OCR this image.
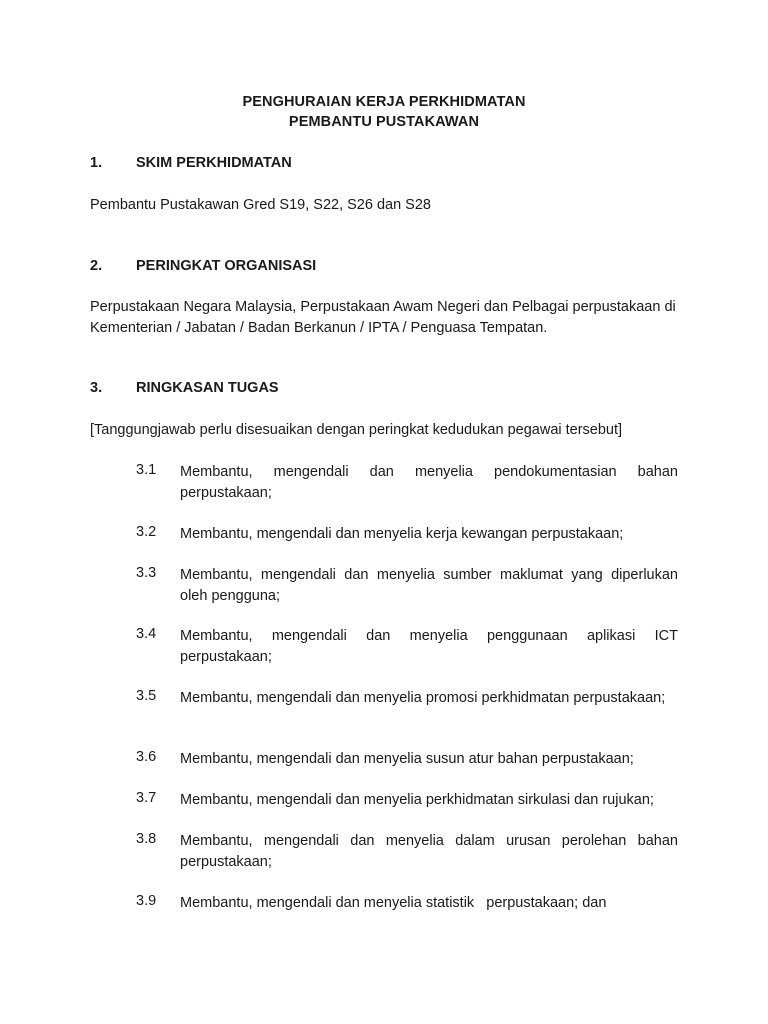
PENGHURAIAN KERJA PERKHIDMATAN
PEMBANTU PUSTAKAWAN
1. SKIM PERKHIDMATAN
Pembantu Pustakawan Gred S19, S22, S26 dan S28
2. PERINGKAT ORGANISASI
Perpustakaan Negara Malaysia, Perpustakaan Awam Negeri dan Pelbagai perpustakaan di Kementerian / Jabatan / Badan Berkanun / IPTA / Penguasa Tempatan.
3. RINGKASAN TUGAS
[Tanggungjawab perlu disesuaikan dengan peringkat kedudukan pegawai tersebut]
3.1 Membantu, mengendali dan menyelia pendokumentasian bahan perpustakaan;
3.2 Membantu, mengendali dan menyelia kerja kewangan perpustakaan;
3.3 Membantu, mengendali dan menyelia sumber maklumat yang diperlukan oleh pengguna;
3.4 Membantu, mengendali dan menyelia penggunaan aplikasi ICT perpustakaan;
3.5 Membantu, mengendali dan menyelia promosi perkhidmatan perpustakaan;
3.6 Membantu, mengendali dan menyelia susun atur bahan perpustakaan;
3.7 Membantu, mengendali dan menyelia perkhidmatan sirkulasi dan rujukan;
3.8 Membantu, mengendali dan menyelia dalam urusan perolehan bahan perpustakaan;
3.9 Membantu, mengendali dan menyelia statistik   perpustakaan; dan
